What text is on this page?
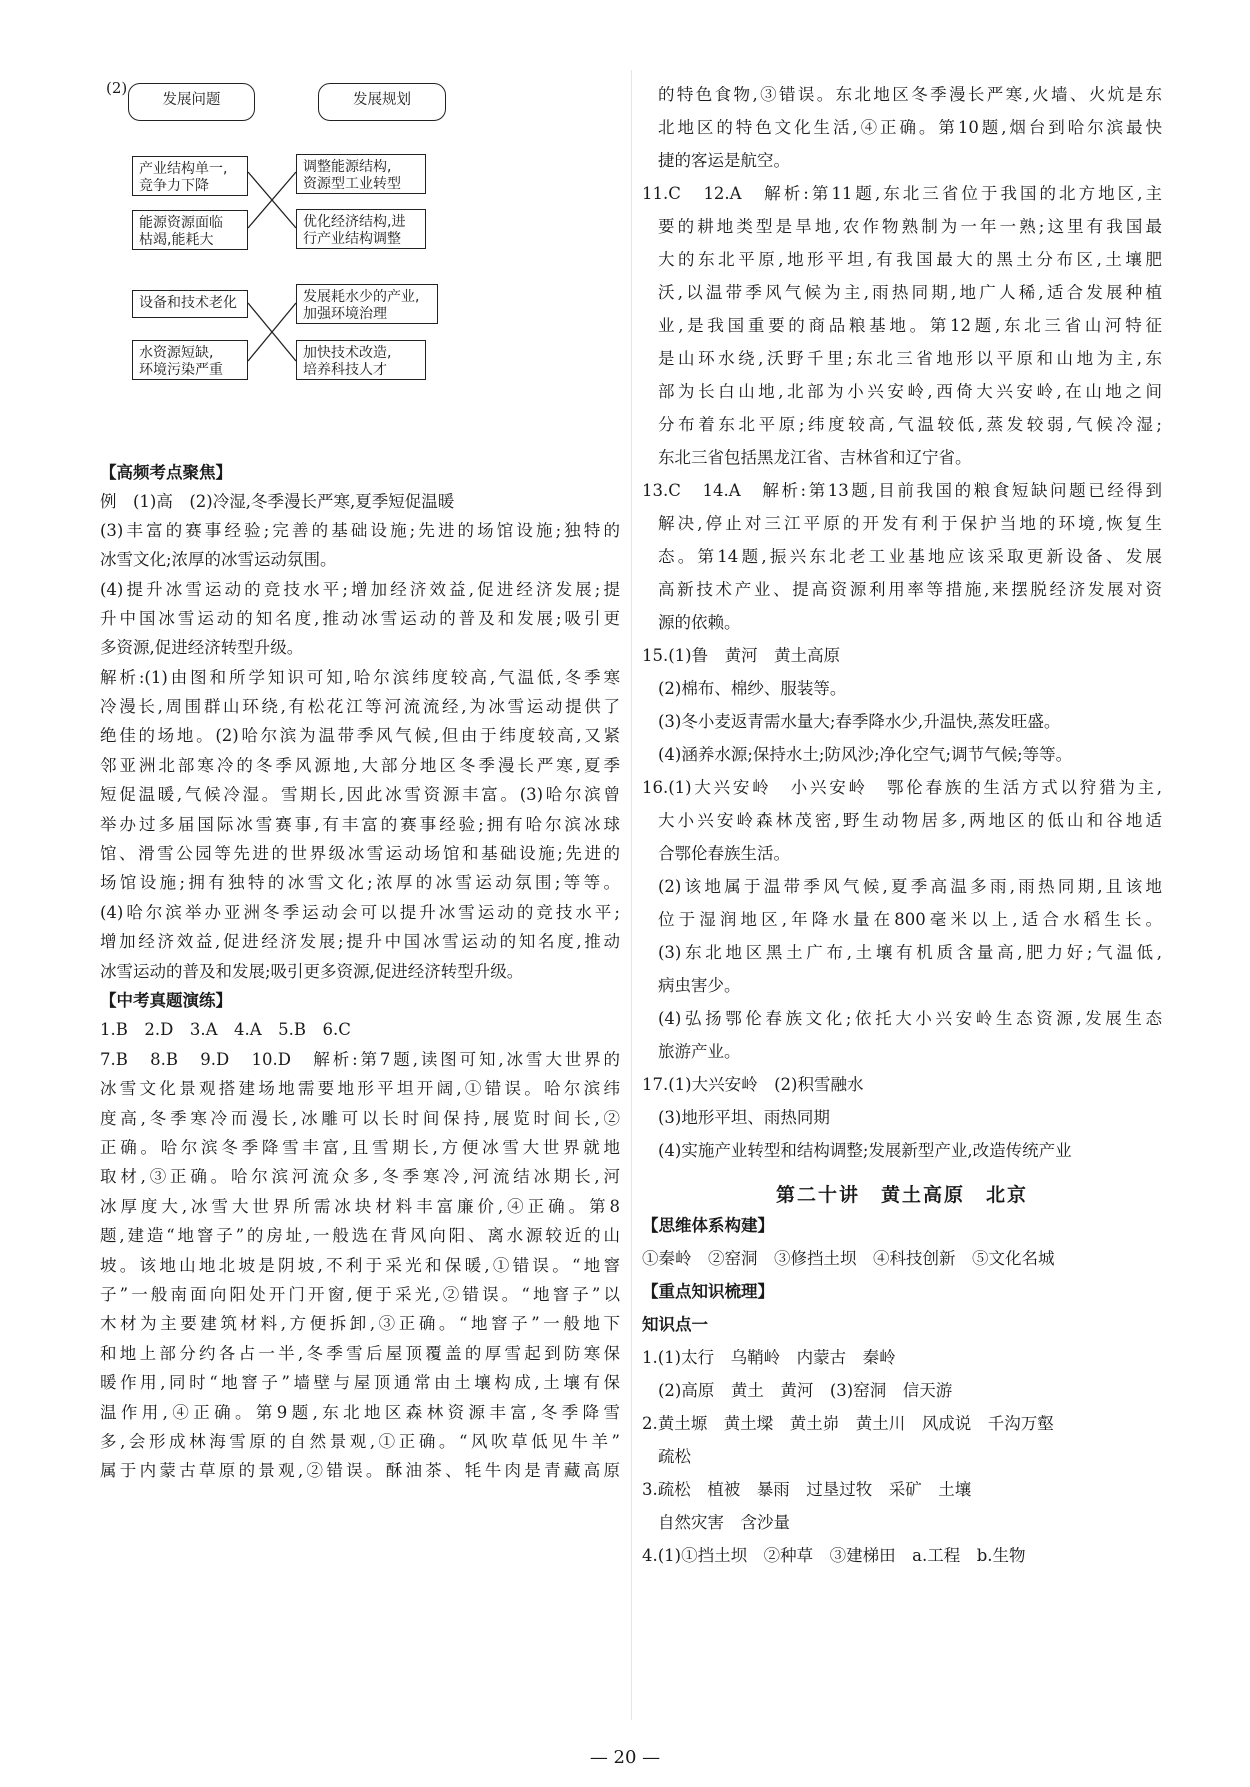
(2)
发展问题	发展规划
产业结构单一,
竞争力下降
能源资源面临
枯竭,能耗大
设备和技术老化
水资源短缺,
环境污染严重
调整能源结构,
资源型工业转型
优化经济结构,进
行产业结构调整
发展耗水少的产业,
加强环境治理
加快技术改造,
培养科技人才
【高频考点聚焦】
例　(1)高　(2)冷湿,冬季漫长严寒,夏季短促温暖
(3)丰富的赛事经验;完善的基础设施;先进的场馆设施;独特的
冰雪文化;浓厚的冰雪运动氛围。
(4)提升冰雪运动的竞技水平;增加经济效益,促进经济发展;提
升中国冰雪运动的知名度,推动冰雪运动的普及和发展;吸引更
多资源,促进经济转型升级。
解析:(1)由图和所学知识可知,哈尔滨纬度较高,气温低,冬季寒
冷漫长,周围群山环绕,有松花江等河流流经,为冰雪运动提供了
绝佳的场地。(2)哈尔滨为温带季风气候,但由于纬度较高,又紧
邻亚洲北部寒冷的冬季风源地,大部分地区冬季漫长严寒,夏季
短促温暖,气候冷湿。雪期长,因此冰雪资源丰富。(3)哈尔滨曾
举办过多届国际冰雪赛事,有丰富的赛事经验;拥有哈尔滨冰球
馆、滑雪公园等先进的世界级冰雪运动场馆和基础设施;先进的
场馆设施;拥有独特的冰雪文化;浓厚的冰雪运动氛围;等等。
(4)哈尔滨举办亚洲冬季运动会可以提升冰雪运动的竞技水平;
增加经济效益,促进经济发展;提升中国冰雪运动的知名度,推动
冰雪运动的普及和发展;吸引更多资源,促进经济转型升级。
【中考真题演练】
1.B　2.D　3.A　4.A　5.B　6.C
7.B　8.B　9.D　10.D　解析:第7题,读图可知,冰雪大世界的
冰雪文化景观搭建场地需要地形平坦开阔,①错误。哈尔滨纬
度高,冬季寒冷而漫长,冰雕可以长时间保持,展览时间长,②
正确。哈尔滨冬季降雪丰富,且雪期长,方便冰雪大世界就地
取材,③正确。哈尔滨河流众多,冬季寒冷,河流结冰期长,河
冰厚度大,冰雪大世界所需冰块材料丰富廉价,④正确。第8
题,建造“地窨子”的房址,一般选在背风向阳、离水源较近的山
坡。该地山地北坡是阴坡,不利于采光和保暖,①错误。“地窨
子”一般南面向阳处开门开窗,便于采光,②错误。“地窨子”以
木材为主要建筑材料,方便拆卸,③正确。“地窨子”一般地下
和地上部分约各占一半,冬季雪后屋顶覆盖的厚雪起到防寒保
暖作用,同时“地窨子”墙壁与屋顶通常由土壤构成,土壤有保
温作用,④正确。第9题,东北地区森林资源丰富,冬季降雪
多,会形成林海雪原的自然景观,①正确。“风吹草低见牛羊”
属于内蒙古草原的景观,②错误。酥油茶、牦牛肉是青藏高原
的特色食物,③错误。东北地区冬季漫长严寒,火墙、火炕是东
北地区的特色文化生活,④正确。第10题,烟台到哈尔滨最快
捷的客运是航空。
11.C　12.A　解析:第11题,东北三省位于我国的北方地区,主
要的耕地类型是旱地,农作物熟制为一年一熟;这里有我国最
大的东北平原,地形平坦,有我国最大的黑土分布区,土壤肥
沃,以温带季风气候为主,雨热同期,地广人稀,适合发展种植
业,是我国重要的商品粮基地。第12题,东北三省山河特征
是山环水绕,沃野千里;东北三省地形以平原和山地为主,东
部为长白山地,北部为小兴安岭,西倚大兴安岭,在山地之间
分布着东北平原;纬度较高,气温较低,蒸发较弱,气候冷湿;
东北三省包括黑龙江省、吉林省和辽宁省。
13.C　14.A　解析:第13题,目前我国的粮食短缺问题已经得到
解决,停止对三江平原的开发有利于保护当地的环境,恢复生
态。第14题,振兴东北老工业基地应该采取更新设备、发展
高新技术产业、提高资源利用率等措施,来摆脱经济发展对资
源的依赖。
15.(1)鲁　黄河　黄土高原
(2)棉布、棉纱、服装等。
(3)冬小麦返青需水量大;春季降水少,升温快,蒸发旺盛。
(4)涵养水源;保持水土;防风沙;净化空气;调节气候;等等。
16.(1)大兴安岭　小兴安岭　鄂伦春族的生活方式以狩猎为主,
大小兴安岭森林茂密,野生动物居多,两地区的低山和谷地适
合鄂伦春族生活。
(2)该地属于温带季风气候,夏季高温多雨,雨热同期,且该地
位于湿润地区,年降水量在800毫米以上,适合水稻生长。
(3)东北地区黑土广布,土壤有机质含量高,肥力好;气温低,
病虫害少。
(4)弘扬鄂伦春族文化;依托大小兴安岭生态资源,发展生态
旅游产业。
17.(1)大兴安岭　(2)积雪融水
(3)地形平坦、雨热同期
(4)实施产业转型和结构调整;发展新型产业,改造传统产业
第二十讲　黄土高原　北京
【思维体系构建】
①秦岭　②窑洞　③修挡土坝　④科技创新　⑤文化名城
【重点知识梳理】
知识点一
1.(1)太行　乌鞘岭　内蒙古　秦岭
(2)高原　黄土　黄河　(3)窑洞　信天游
2.黄土塬　黄土墚　黄土峁　黄土川　风成说　千沟万壑
疏松
3.疏松　植被　暴雨　过垦过牧　采矿　土壤
自然灾害　含沙量
4.(1)①挡土坝　②种草　③建梯田　a.工程　b.生物
— 20 —
